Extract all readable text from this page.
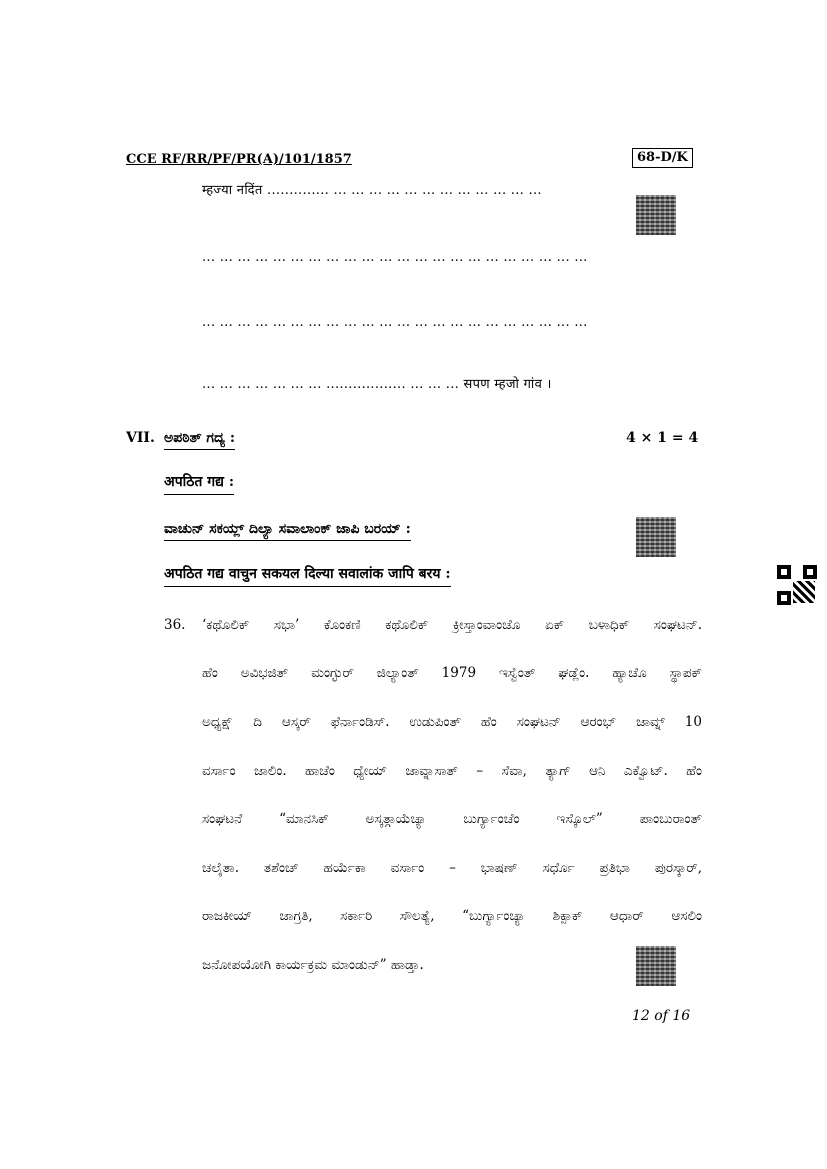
CCE RF/RR/PF/PR(A)/101/1857	68-D/K
म्हज्या नदिंत .............. ... ... ... ... ... ... ... ... ... ... ... ...
... ... ... ... ... ... ... ... ... ... ... ... ... ... ... ... ... ... ... ... ... ...
... ... ... ... ... ... ... ... ... ... ... ... ... ... ... ... ... ... ... ... ... ...
... ... ... ... ... ... ... .................. ... ... ... सपण म्हजो गांव ।
VII. ಅಪಠಿತ್ ಗದ್ಯ :	4 × 1 = 4
अपठित गद्य :
ವಾಚುನ್ ಸಕಯ್ಲ್ ದಿಲ್ಯಾ ಸವಾಲಾಂಕ್ ಜಾಪಿ ಬರಯ್ :
अपठित गद्य वाचुन सकयल दिल्या सवालांक जापि बरय :
36. ‘ಕಥೊಲಿಕ್ ಸಭಾ’ ಕೊಂಕಣಿ ಕಥೊಲಿಕ್ ಕ್ರೀಸ್ತಾಂವಾಂಚೊ ಏಕ್ ಬಳಾಧಿಕ್ ಸಂಘಟನ್.
ಹೆಂ ಅವಿಭಜಿತ್ ಮಂಗ್ಳುರ್ ಜಿಲ್ಯಾಂತ್ 1979 ಇಸ್ವೆಂತ್ ಘಡ್ಲೆಂ. ಹ್ಯಾಚೊ ಸ್ಥಾಪಕ್
ಅಧ್ಯಕ್ಷ್ ದಿ ಆಸ್ಕರ್ ಫೆರ್ನಾಂಡಿಸ್. ಉಡುಪಿಂತ್ ಹೆಂ ಸಂಘಟನ್ ಆರಂಭ್ ಜಾವ್ನ್ 10
ವರ್ಸಾಂ ಜಾಲಿಂ. ಹಾಚೆಂ ಧ್ಯೇಯ್ ಜಾವ್ನಾಸಾತ್ – ಸೆವಾ, ತ್ಯಾಗ್ ಆನಿ ಎಕ್ವೊಟ್. ಹೆಂ
ಸಂಘಟನೆ “ಮಾನಸಿಕ್ ಅಸ್ಕತ್ಗಾಯೆಚ್ಯಾ ಬುರ್ಗ್ಯಾಂಚೆಂ ಇಸ್ಕೊಲ್” ಪಾಂಬುರಾಂತ್
ಚಲೈತಾ. ತಶೆಂಚ್ ಹರ್ಯೆಕಾ ವರ್ಸಾಂ – ಭಾಷಣ್ ಸರ್ಧೊ ಪ್ರತಿಭಾ ಪುರಸ್ಕಾರ್,
ರಾಜಕೀಯ್ ಜಾಗ್ರತಿ, ಸರ್ಕಾರಿ ಸೌಲತ್ಯೆ, “ಬುರ್ಗ್ಯಾಂಚ್ಯಾ ಶಿಕ್ಪಾಕ್ ಆಧಾರ್ ಆಸಲಿಂ
ಜನೋಪಯೋಗಿ ಕಾರ್ಯಕ್ರಮ ಮಾಂಡುನ್” ಹಾಡ್ತಾ.
12 of 16
